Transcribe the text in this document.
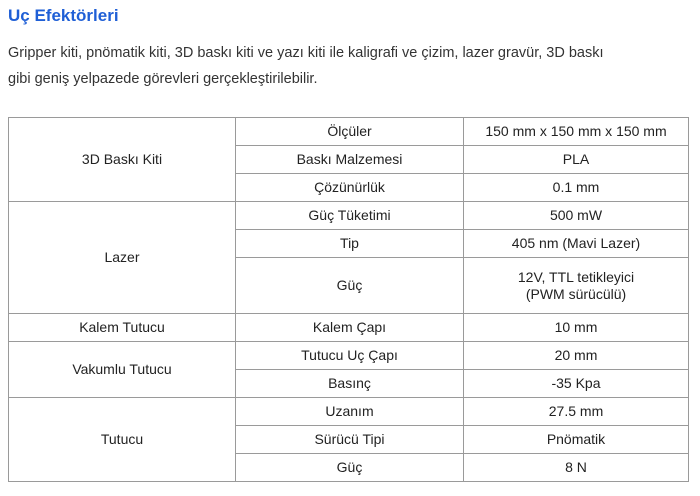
Uç Efektörleri
Gripper kiti, pnömatik kiti, 3D baskı kiti ve yazı kiti ile kaligrafi ve çizim, lazer gravür, 3D baskı
gibi geniş yelpazede görevleri gerçekleştirilebilir.
3D Baskı Kiti	Ölçüler	150 mm x 150 mm x 150 mm
	Baskı Malzemesi	PLA
	Çözünürlük	0.1 mm
Lazer	Güç Tüketimi	500 mW
	Tip	405 nm (Mavi Lazer)
	Güç	12V, TTL tetikleyici
(PWM sürücülü)
Kalem Tutucu	Kalem Çapı	10 mm
Vakumlu Tutucu	Tutucu Uç Çapı	20 mm
	Basınç	-35 Kpa
Tutucu	Uzanım	27.5 mm
	Sürücü Tipi	Pnömatik
	Güç	8 N
